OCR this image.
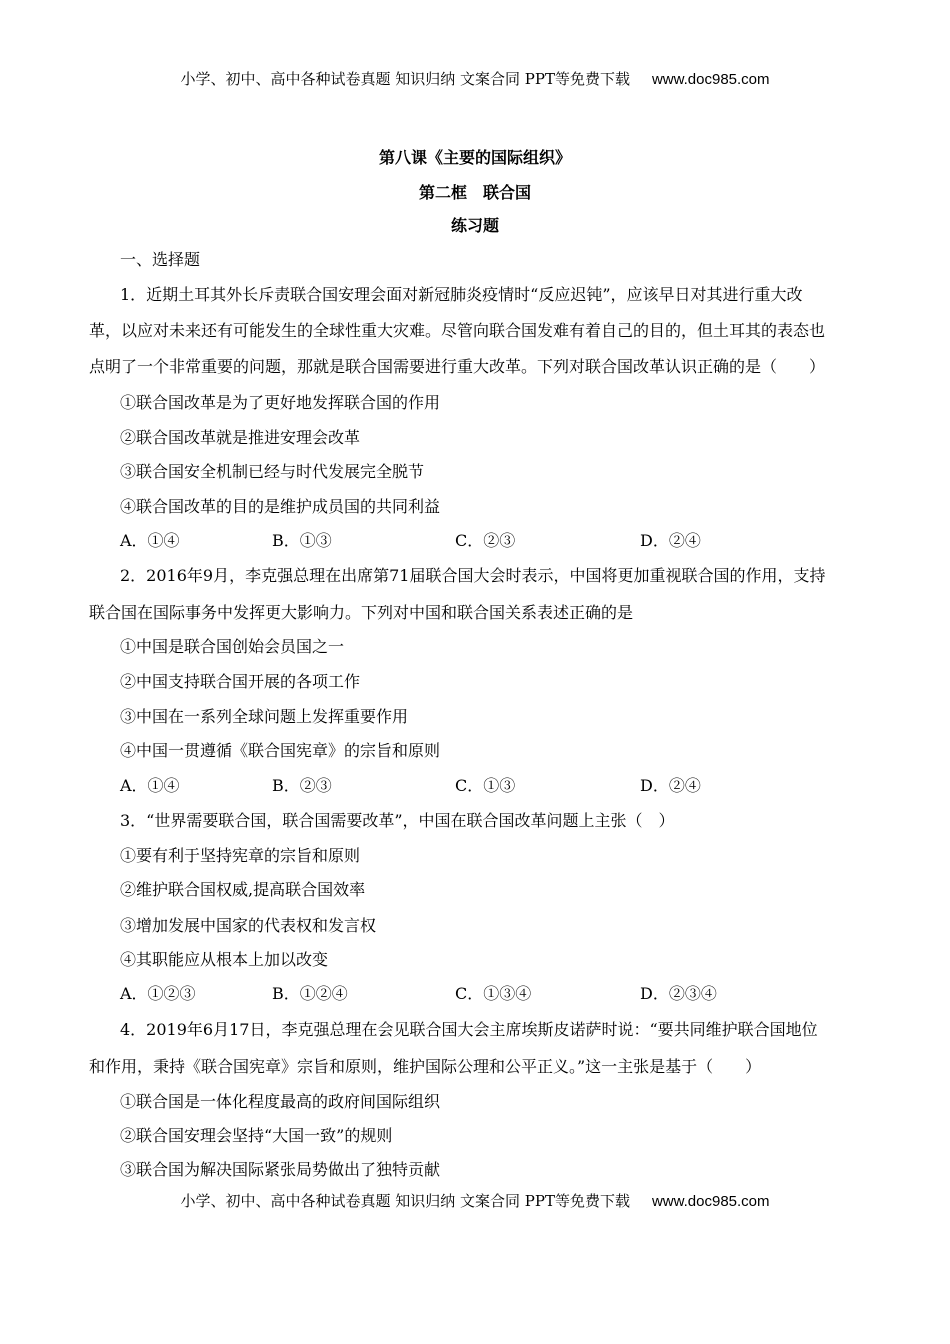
小学、初中、高中各种试卷真题 知识归纳 文案合同 PPT等免费下载 www.doc985.com
第八课《主要的国际组织》
第二框　联合国
练习题
一、选择题
1．近期土耳其外长斥责联合国安理会面对新冠肺炎疫情时“反应迟钝”，应该早日对其进行重大改
革，以应对未来还有可能发生的全球性重大灾难。尽管向联合国发难有着自己的目的，但土耳其的表态也
点明了一个非常重要的问题，那就是联合国需要进行重大改革。下列对联合国改革认识正确的是（　　）
①联合国改革是为了更好地发挥联合国的作用
②联合国改革就是推进安理会改革
③联合国安全机制已经与时代发展完全脱节
④联合国改革的目的是维护成员国的共同利益
A．①④	B．①③	C．②③	D．②④
2．2016年9月，李克强总理在出席第71届联合国大会时表示，中国将更加重视联合国的作用，支持
联合国在国际事务中发挥更大影响力。下列对中国和联合国关系表述正确的是
①中国是联合国创始会员国之一
②中国支持联合国开展的各项工作
③中国在一系列全球问题上发挥重要作用
④中国一贯遵循《联合国宪章》的宗旨和原则
A．①④	B．②③	C．①③	D．②④
3．“世界需要联合国，联合国需要改革”，中国在联合国改革问题上主张（　）
①要有利于坚持宪章的宗旨和原则
②维护联合国权威,提高联合国效率
③增加发展中国家的代表权和发言权
④其职能应从根本上加以改变
A．①②③	B．①②④	C．①③④	D．②③④
4．2019年6月17日，李克强总理在会见联合国大会主席埃斯皮诺萨时说：“要共同维护联合国地位
和作用，秉持《联合国宪章》宗旨和原则，维护国际公理和公平正义。”这一主张是基于（　　）
①联合国是一体化程度最高的政府间国际组织
②联合国安理会坚持“大国一致”的规则
③联合国为解决国际紧张局势做出了独特贡献
小学、初中、高中各种试卷真题 知识归纳 文案合同 PPT等免费下载 www.doc985.com
